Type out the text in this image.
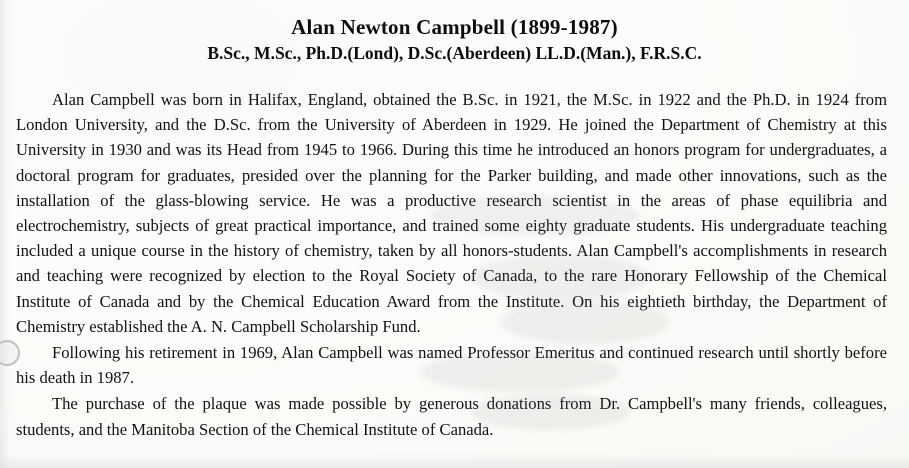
Alan Newton Campbell (1899-1987)
B.Sc., M.Sc., Ph.D.(Lond), D.Sc.(Aberdeen) LL.D.(Man.), F.R.S.C.

Alan Campbell was born in Halifax, England, obtained the B.Sc. in 1921, the M.Sc. in 1922 and the Ph.D. in 1924 from London University, and the D.Sc. from the University of Aberdeen in 1929. He joined the Department of Chemistry at this University in 1930 and was its Head from 1945 to 1966. During this time he introduced an honors program for undergraduates, a doctoral program for graduates, presided over the planning for the Parker building, and made other innovations, such as the installation of the glass-blowing service. He was a productive research scientist in the areas of phase equilibria and electrochemistry, subjects of great practical importance, and trained some eighty graduate students. His undergraduate teaching included a unique course in the history of chemistry, taken by all honors-students. Alan Campbell's accomplishments in research and teaching were recognized by election to the Royal Society of Canada, to the rare Honorary Fellowship of the Chemical Institute of Canada and by the Chemical Education Award from the Institute. On his eightieth birthday, the Department of Chemistry established the A. N. Campbell Scholarship Fund.

Following his retirement in 1969, Alan Campbell was named Professor Emeritus and continued research until shortly before his death in 1987.

The purchase of the plaque was made possible by generous donations from Dr. Campbell's many friends, colleagues, students, and the Manitoba Section of the Chemical Institute of Canada.
